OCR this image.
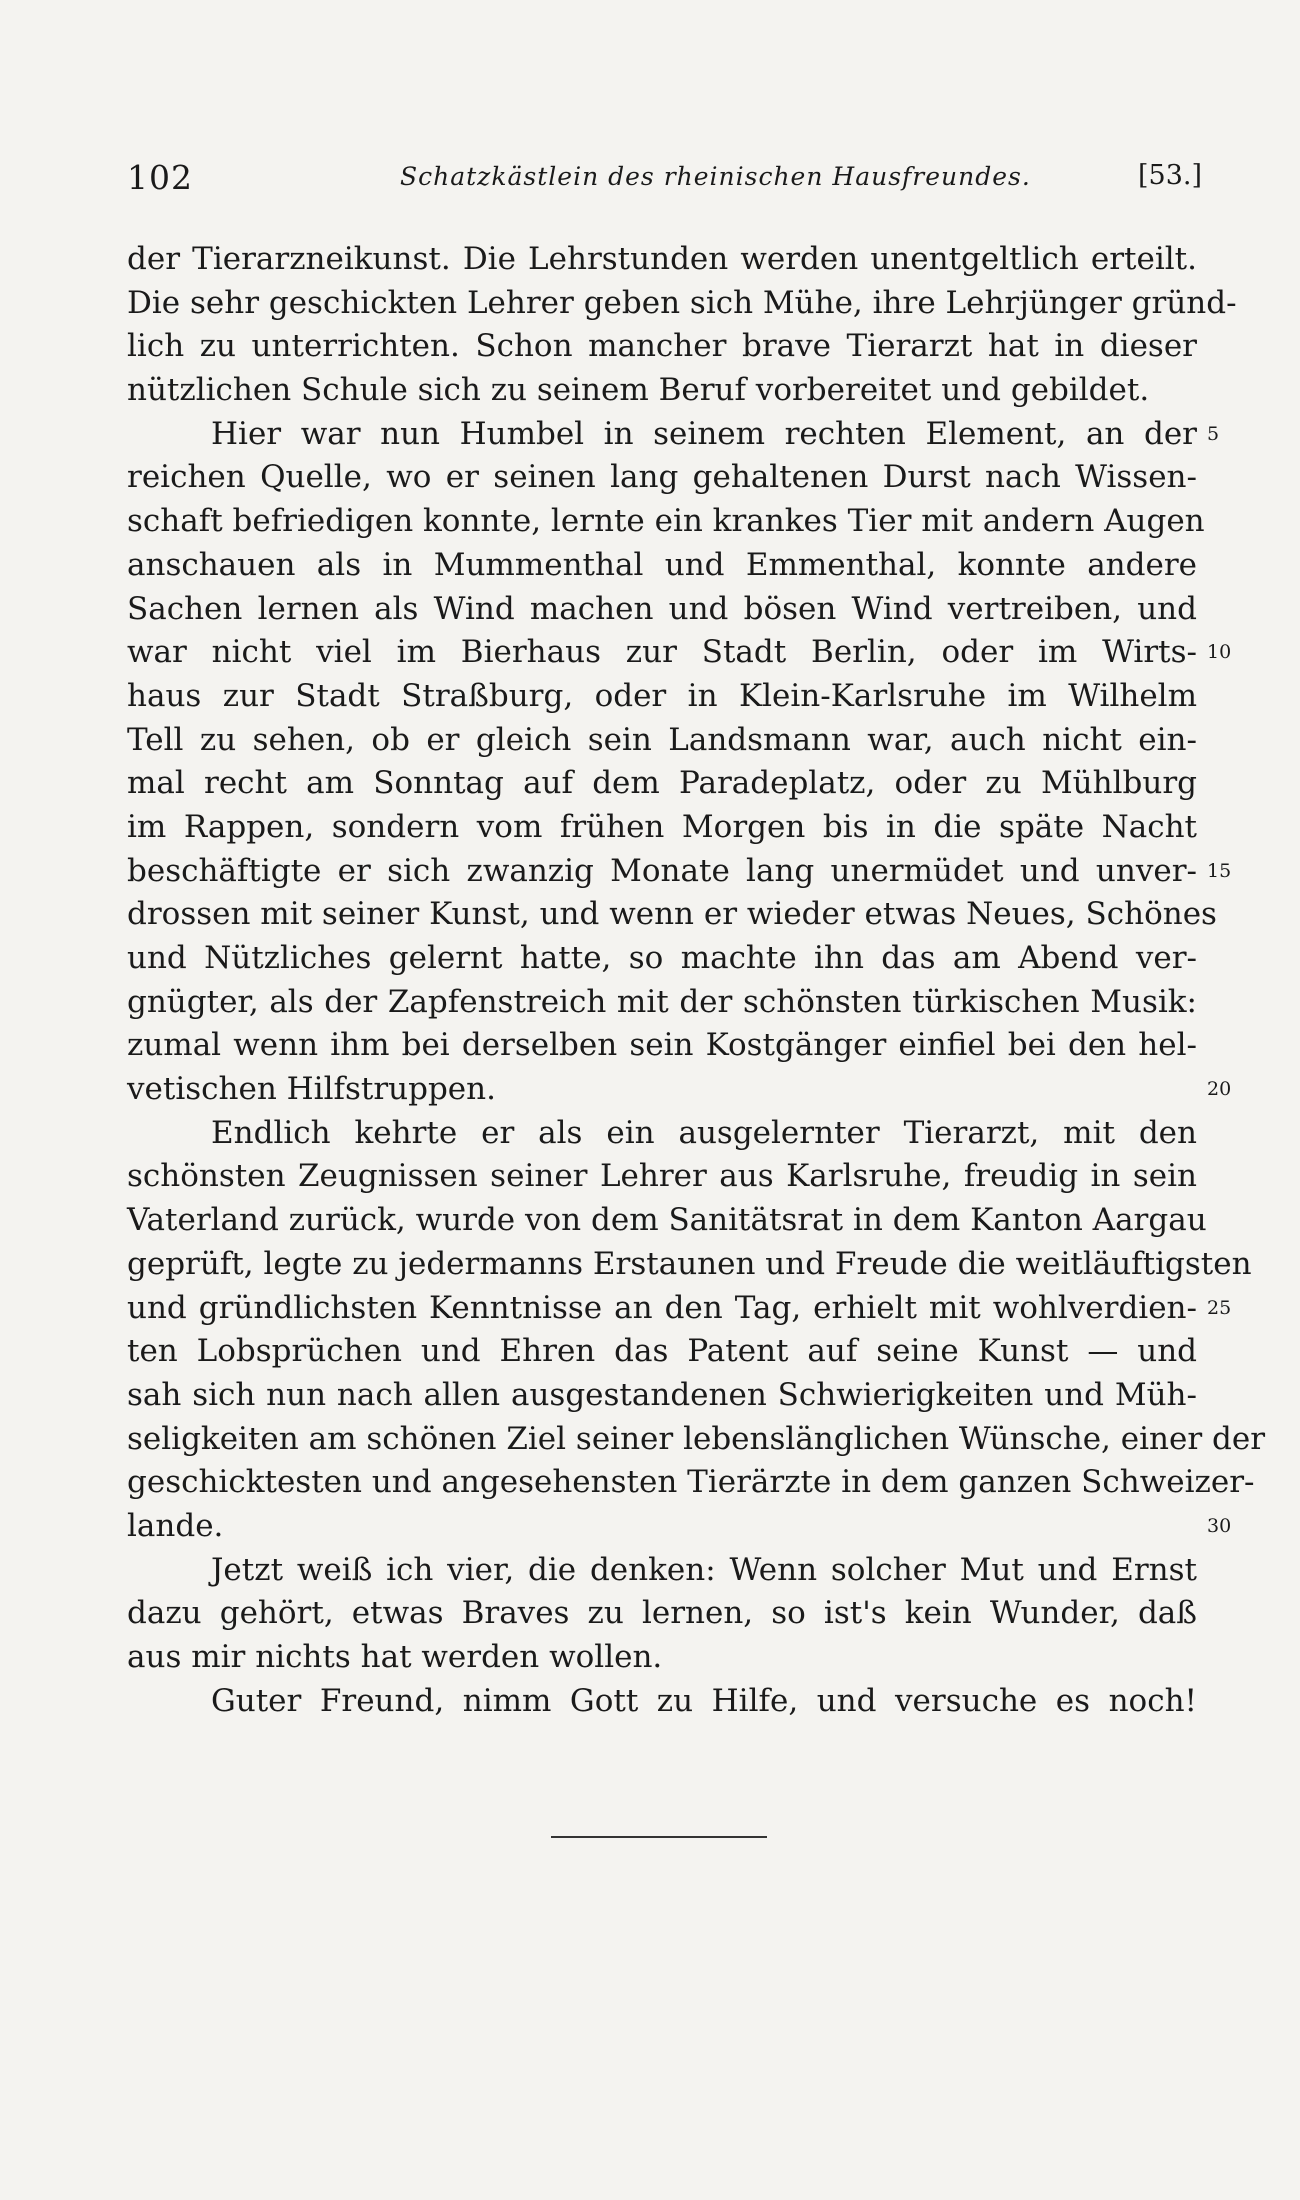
102	Schatzkästlein des rheinischen Hausfreundes.	[53.]
der Tierarzneikunst. Die Lehrstunden werden unentgeltlich erteilt.
Die sehr geschickten Lehrer geben sich Mühe, ihre Lehrjünger gründ-
lich zu unterrichten. Schon mancher brave Tierarzt hat in dieser
nützlichen Schule sich zu seinem Beruf vorbereitet und gebildet.
Hier war nun Humbel in seinem rechten Element, an der
reichen Quelle, wo er seinen lang gehaltenen Durst nach Wissen-
schaft befriedigen konnte, lernte ein krankes Tier mit andern Augen
anschauen als in Mummenthal und Emmenthal, konnte andere
Sachen lernen als Wind machen und bösen Wind vertreiben, und
war nicht viel im Bierhaus zur Stadt Berlin, oder im Wirts-
haus zur Stadt Straßburg, oder in Klein-Karlsruhe im Wilhelm
Tell zu sehen, ob er gleich sein Landsmann war, auch nicht ein-
mal recht am Sonntag auf dem Paradeplatz, oder zu Mühlburg
im Rappen, sondern vom frühen Morgen bis in die späte Nacht
beschäftigte er sich zwanzig Monate lang unermüdet und unver-
drossen mit seiner Kunst, und wenn er wieder etwas Neues, Schönes
und Nützliches gelernt hatte, so machte ihn das am Abend ver-
gnügter, als der Zapfenstreich mit der schönsten türkischen Musik:
zumal wenn ihm bei derselben sein Kostgänger einfiel bei den hel-
vetischen Hilfstruppen.
Endlich kehrte er als ein ausgelernter Tierarzt, mit den
schönsten Zeugnissen seiner Lehrer aus Karlsruhe, freudig in sein
Vaterland zurück, wurde von dem Sanitätsrat in dem Kanton Aargau
geprüft, legte zu jedermanns Erstaunen und Freude die weitläuftigsten
und gründlichsten Kenntnisse an den Tag, erhielt mit wohlverdien-
ten Lobsprüchen und Ehren das Patent auf seine Kunst — und
sah sich nun nach allen ausgestandenen Schwierigkeiten und Müh-
seligkeiten am schönen Ziel seiner lebenslänglichen Wünsche, einer der
geschicktesten und angesehensten Tierärzte in dem ganzen Schweizer-
lande.
Jetzt weiß ich vier, die denken: Wenn solcher Mut und Ernst
dazu gehört, etwas Braves zu lernen, so ist's kein Wunder, daß
aus mir nichts hat werden wollen.
Guter Freund, nimm Gott zu Hilfe, und versuche es noch!
5
10
15
20
25
30
